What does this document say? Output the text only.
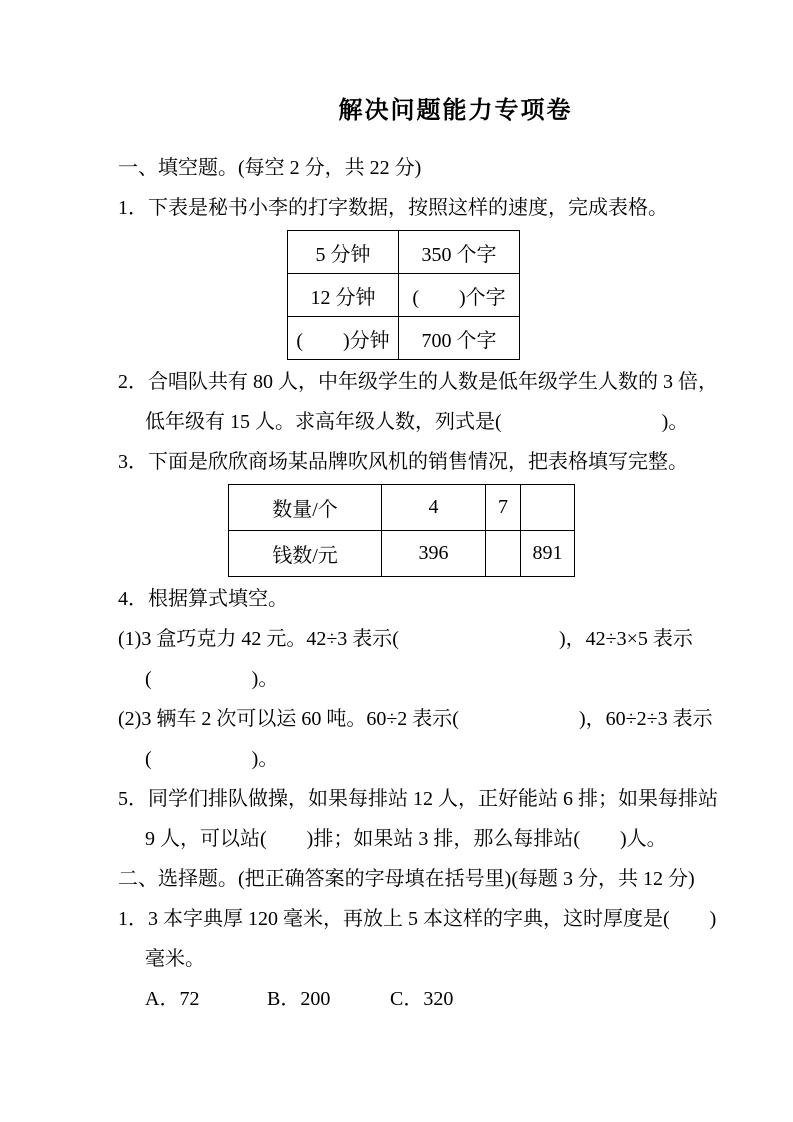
解决问题能力专项卷
一、填空题。(每空 2 分，共 22 分)
1．下表是秘书小李的打字数据，按照这样的速度，完成表格。
5 分钟	350 个字
12 分钟	(　　)个字
(　　)分钟	700 个字
2．合唱队共有 80 人，中年级学生的人数是低年级学生人数的 3 倍，
低年级有 15 人。求高年级人数，列式是(　　　　　　　　)。
3．下面是欣欣商场某品牌吹风机的销售情况，把表格填写完整。
数量/个	4	7	
钱数/元	396		891
4．根据算式填空。
(1)3 盒巧克力 42 元。42÷3 表示(　　　　　　　　)，42÷3×5 表示
(　　　　　)。
(2)3 辆车 2 次可以运 60 吨。60÷2 表示(　　　　　　)，60÷2÷3 表示
(　　　　　)。
5．同学们排队做操，如果每排站 12 人，正好能站 6 排；如果每排站
9 人，可以站(　　)排；如果站 3 排，那么每排站(　　)人。
二、选择题。(把正确答案的字母填在括号里)(每题 3 分，共 12 分)
1．3 本字典厚 120 毫米，再放上 5 本这样的字典，这时厚度是(　　)
毫米。
A．72	B．200	C．320
